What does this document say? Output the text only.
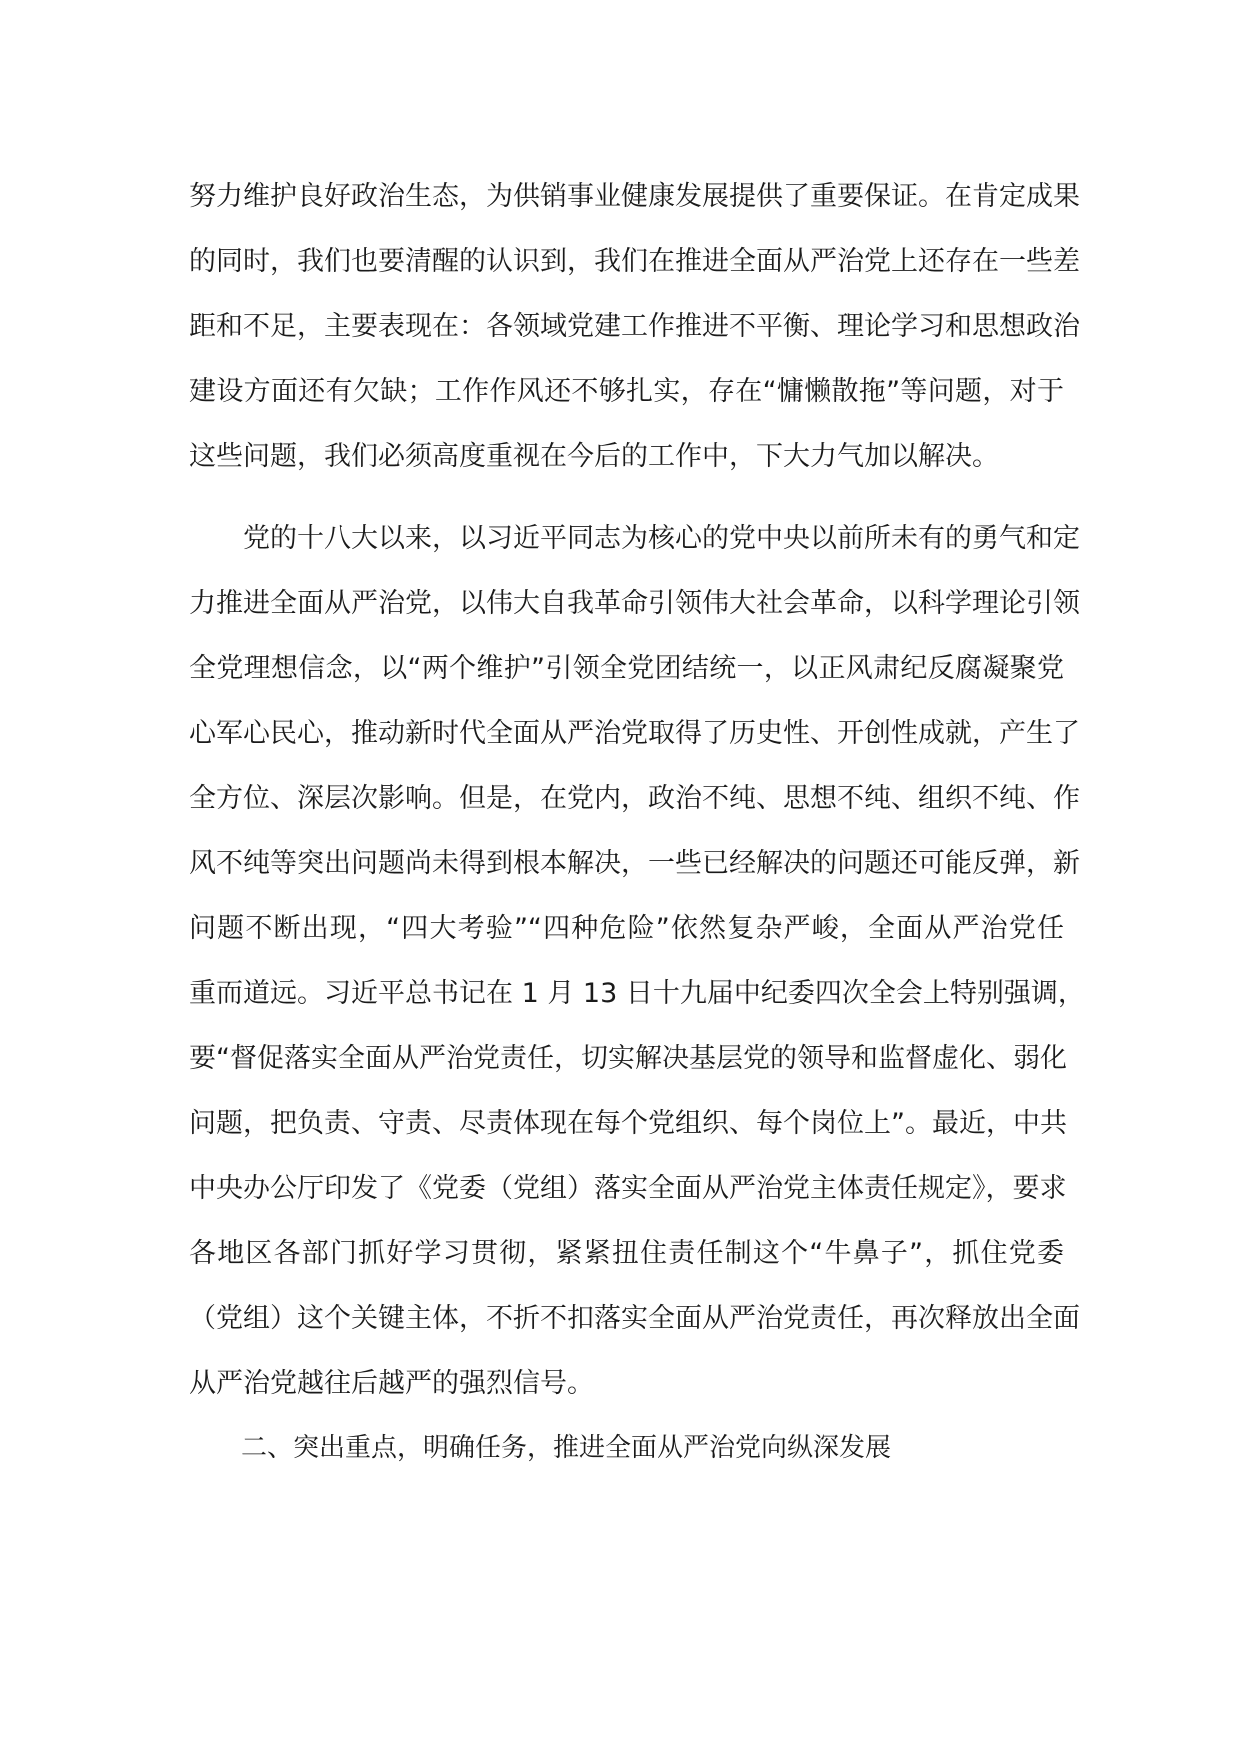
努力维护良好政治生态，为供销事业健康发展提供了重要保证。在肯定成果
的同时，我们也要清醒的认识到，我们在推进全面从严治党上还存在一些差
距和不足，主要表现在：各领域党建工作推进不平衡、理论学习和思想政治
建设方面还有欠缺；工作作风还不够扎实，存在“慵懒散拖”等问题，对于
这些问题，我们必须高度重视在今后的工作中，下大力气加以解决。
　　党的十八大以来，以习近平同志为核心的党中央以前所未有的勇气和定
力推进全面从严治党，以伟大自我革命引领伟大社会革命，以科学理论引领
全党理想信念，以“两个维护”引领全党团结统一，以正风肃纪反腐凝聚党
心军心民心，推动新时代全面从严治党取得了历史性、开创性成就，产生了
全方位、深层次影响。但是，在党内，政治不纯、思想不纯、组织不纯、作
风不纯等突出问题尚未得到根本解决，一些已经解决的问题还可能反弹，新
问题不断出现，“四大考验”“四种危险”依然复杂严峻，全面从严治党任
重而道远。习近平总书记在 1 月 13 日十九届中纪委四次全会上特别强调，
要“督促落实全面从严治党责任，切实解决基层党的领导和监督虚化、弱化
问题，把负责、守责、尽责体现在每个党组织、每个岗位上”。最近，中共
中央办公厅印发了《党委（党组）落实全面从严治党主体责任规定》，要求
各地区各部门抓好学习贯彻，紧紧扭住责任制这个“牛鼻子”，抓住党委
（党组）这个关键主体，不折不扣落实全面从严治党责任，再次释放出全面
从严治党越往后越严的强烈信号。
　　二、突出重点，明确任务，推进全面从严治党向纵深发展
